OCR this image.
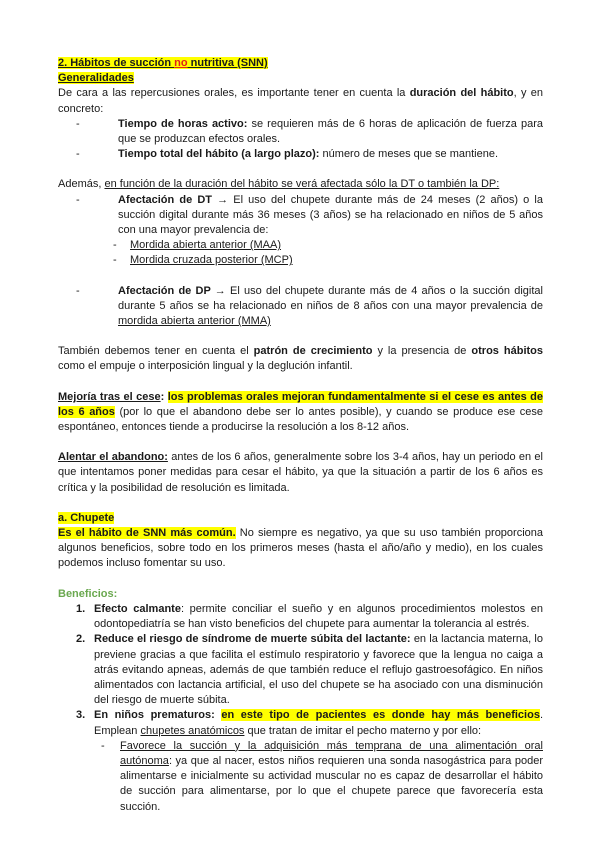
2. Hábitos de succión no nutritiva (SNN)

Generalidades

De cara a las repercusiones orales, es importante tener en cuenta la duración del hábito, y en concreto:

-	Tiempo de horas activo: se requieren más de 6 horas de aplicación de fuerza para que se produzcan efectos orales.
-	Tiempo total del hábito (a largo plazo): número de meses que se mantiene.

Además, en función de la duración del hábito se verá afectada sólo la DT o también la DP:

-	Afectación de DT → El uso del chupete durante más de 24 meses (2 años) o la succión digital durante más 36 meses (3 años) se ha relacionado en niños de 5 años con una mayor prevalencia de:
- Mordida abierta anterior (MAA)
- Mordida cruzada posterior (MCP)
-	Afectación de DP → El uso del chupete durante más de 4 años o la succión digital durante 5 años se ha relacionado en niños de 8 años con una mayor prevalencia de mordida abierta anterior (MMA)

También debemos tener en cuenta el patrón de crecimiento y la presencia de otros hábitos como el empuje o interposición lingual y la deglución infantil.

Mejoría tras el cese: los problemas orales mejoran fundamentalmente si el cese es antes de los 6 años (por lo que el abandono debe ser lo antes posible), y cuando se produce ese cese espontáneo, entonces tiende a producirse la resolución a los 8-12 años.

Alentar el abandono: antes de los 6 años, generalmente sobre los 3-4 años, hay un periodo en el que intentamos poner medidas para cesar el hábito, ya que la situación a partir de los 6 años es crítica y la posibilidad de resolución es limitada.

a. Chupete

Es el hábito de SNN más común. No siempre es negativo, ya que su uso también proporciona algunos beneficios, sobre todo en los primeros meses (hasta el año/año y medio), en los cuales podemos incluso fomentar su uso.

Beneficios:

1. Efecto calmante: permite conciliar el sueño y en algunos procedimientos molestos en odontopediatría se han visto beneficios del chupete para aumentar la tolerancia al estrés.
2. Reduce el riesgo de síndrome de muerte súbita del lactante: en la lactancia materna, lo previene gracias a que facilita el estímulo respiratorio y favorece que la lengua no caiga a atrás evitando apneas, además de que también reduce el reflujo gastroesofágico. En niños alimentados con lactancia artificial, el uso del chupete se ha asociado con una disminución del riesgo de muerte súbita.
3. En niños prematuros: en este tipo de pacientes es donde hay más beneficios. Emplean chupetes anatómicos que tratan de imitar el pecho materno y por ello:
- Favorece la succión y la adquisición más temprana de una alimentación oral autónoma: ya que al nacer, estos niños requieren una sonda nasogástrica para poder alimentarse e inicialmente su actividad muscular no es capaz de desarrollar el hábito de succión para alimentarse, por lo que el chupete parece que favorecería esta succión.
